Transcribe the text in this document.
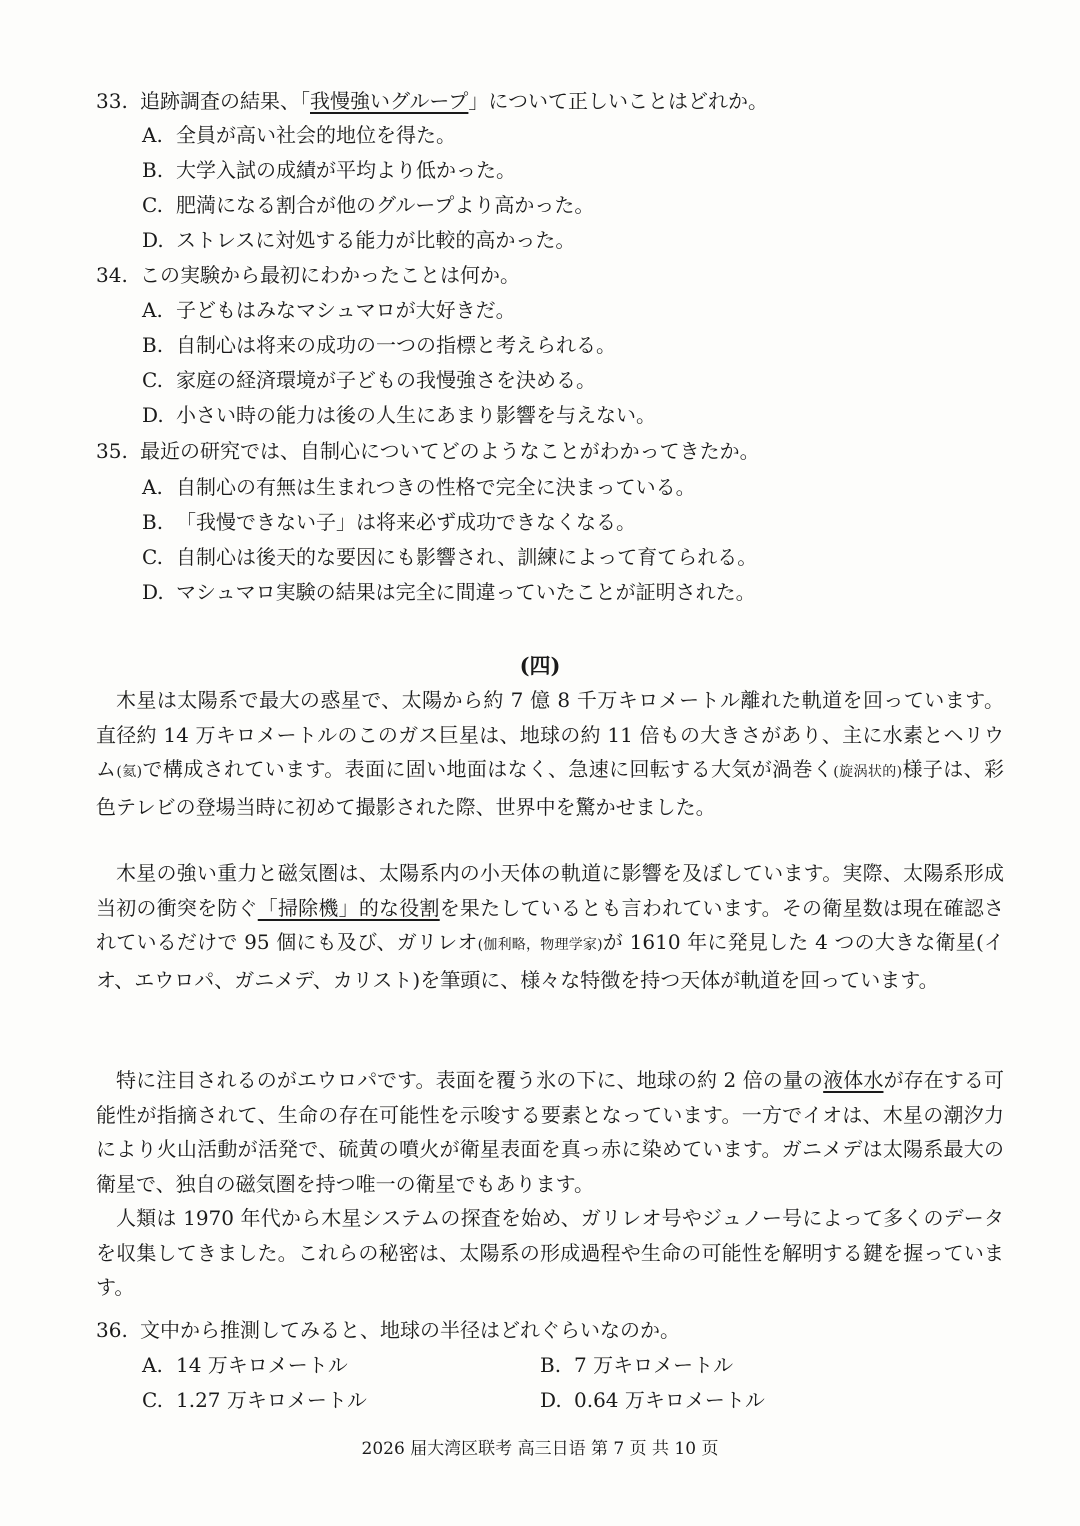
33. 追跡調査の結果、「我慢強いグループ」について正しいことはどれか。
A. 全員が高い社会的地位を得た。
B. 大学入試の成績が平均より低かった。
C. 肥満になる割合が他のグループより高かった。
D. ストレスに対処する能力が比較的高かった。
34. この実験から最初にわかったことは何か。
A. 子どもはみなマシュマロが大好きだ。
B. 自制心は将来の成功の一つの指標と考えられる。
C. 家庭の経済環境が子どもの我慢強さを決める。
D. 小さい時の能力は後の人生にあまり影響を与えない。
35. 最近の研究では、自制心についてどのようなことがわかってきたか。
A. 自制心の有無は生まれつきの性格で完全に決まっている。
B. 「我慢できない子」は将来必ず成功できなくなる。
C. 自制心は後天的な要因にも影響され、訓練によって育てられる。
D. マシュマロ実験の結果は完全に間違っていたことが証明された。
(四)
木星は太陽系で最大の惑星で、太陽から約 7 億 8 千万キロメートル離れた軌道を回っています。直径約 14 万キロメートルのこのガス巨星は、地球の約 11 倍もの大きさがあり、主に水素とヘリウム(氦)で構成されています。表面に固い地面はなく、急速に回転する大気が渦巻く(旋涡状的)様子は、彩色テレビの登場当時に初めて撮影された際、世界中を驚かせました。
木星の強い重力と磁気圏は、太陽系内の小天体の軌道に影響を及ぼしています。実際、太陽系形成当初の衝突を防ぐ「掃除機」的な役割を果たしているとも言われています。その衛星数は現在確認されているだけで 95 個にも及び、ガリレオ(伽利略，物理学家)が 1610 年に発見した 4 つの大きな衛星(イオ、エウロパ、ガニメデ、カリスト)を筆頭に、様々な特徴を持つ天体が軌道を回っています。
特に注目されるのがエウロパです。表面を覆う氷の下に、地球の約 2 倍の量の液体水が存在する可能性が指摘されて、生命の存在可能性を示唆する要素となっています。一方でイオは、木星の潮汐力により火山活動が活発で、硫黄の噴火が衛星表面を真っ赤に染めています。ガニメデは太陽系最大の衛星で、独自の磁気圏を持つ唯一の衛星でもあります。
人類は 1970 年代から木星システムの探査を始め、ガリレオ号やジュノー号によって多くのデータを収集してきました。これらの秘密は、太陽系の形成過程や生命の可能性を解明する鍵を握っています。
36. 文中から推測してみると、地球の半径はどれぐらいなのか。
A. 14 万キロメートル	B. 7 万キロメートル
C. 1.27 万キロメートル	D. 0.64 万キロメートル
2026 届大湾区联考 高三日语 第 7 页 共 10 页
